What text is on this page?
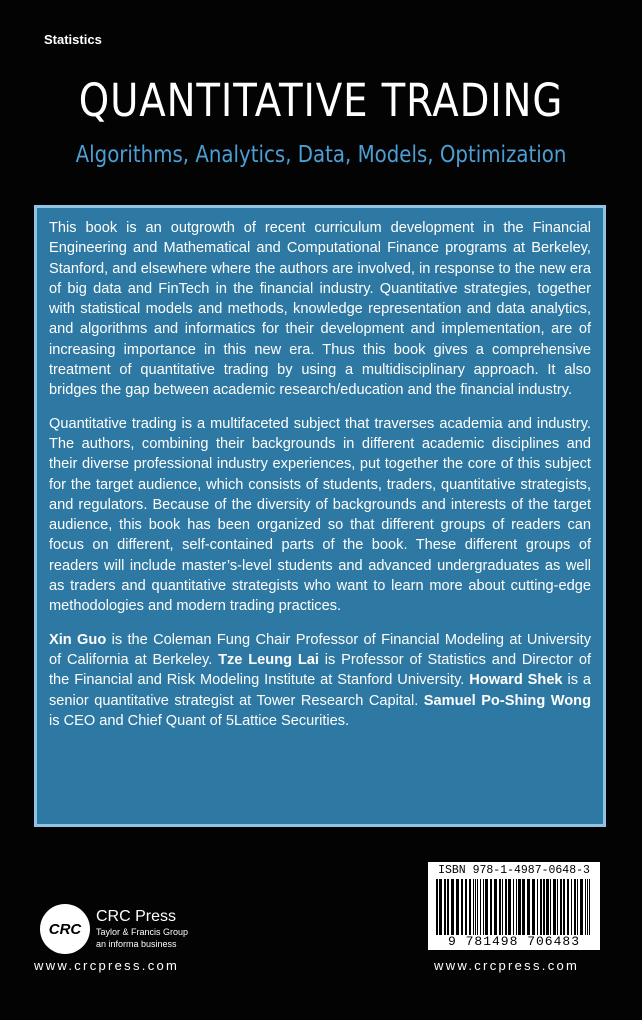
Statistics
QUANTITATIVE TRADING
Algorithms, Analytics, Data, Models, Optimization

This book is an outgrowth of recent curriculum development in the Financial Engineering and Mathematical and Computational Finance programs at Berkeley, Stanford, and elsewhere where the authors are involved, in response to the new era of big data and FinTech in the financial industry. Quantitative strategies, together with statistical models and methods, knowledge representation and data analytics, and algorithms and informatics for their development and implementation, are of increasing importance in this new era. Thus this book gives a comprehensive treatment of quantitative trading by using a multidisciplinary approach. It also bridges the gap between academic research/education and the financial industry.

Quantitative trading is a multifaceted subject that traverses academia and industry. The authors, combining their backgrounds in different academic disciplines and their diverse professional industry experiences, put together the core of this subject for the target audience, which consists of students, traders, quantitative strategists, and regulators. Because of the diversity of backgrounds and interests of the target audience, this book has been organized so that different groups of readers can focus on different, self-contained parts of the book. These different groups of readers will include master’s-level students and advanced undergraduates as well as traders and quantitative strategists who want to learn more about cutting-edge methodologies and modern trading practices.

Xin Guo is the Coleman Fung Chair Professor of Financial Modeling at University of California at Berkeley. Tze Leung Lai is Professor of Statistics and Director of the Financial and Risk Modeling Institute at Stanford University. Howard Shek is a senior quantitative strategist at Tower Research Capital. Samuel Po-Shing Wong is CEO and Chief Quant of 5Lattice Securities.

CRC
CRC Press
Taylor & Francis Group
an informa business
www.crcpress.com
ISBN 978-1-4987-0648-3
9 781498 706483
www.crcpress.com
